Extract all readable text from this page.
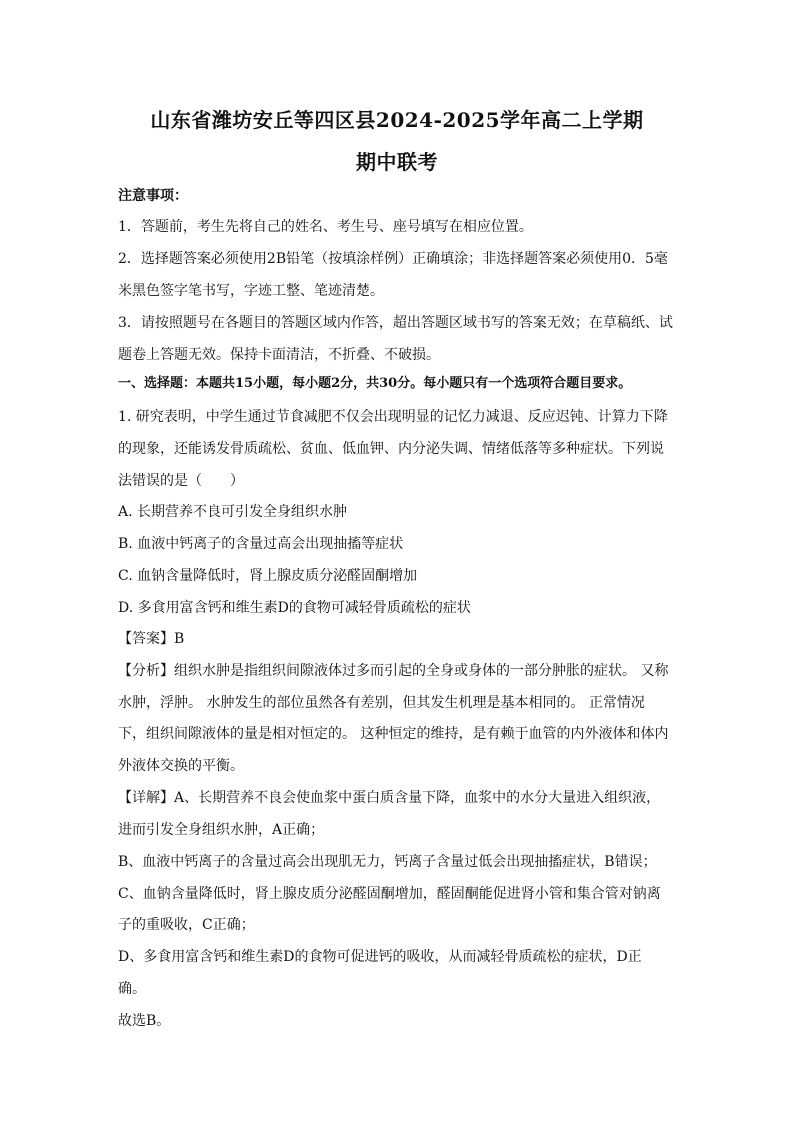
山东省潍坊安丘等四区县2024-2025学年高二上学期
期中联考
注意事项：
1．答题前，考生先将自己的姓名、考生号、座号填写在相应位置。
2．选择题答案必须使用2B铅笔（按填涂样例）正确填涂；非选择题答案必须使用0．5毫
米黑色签字笔书写，字迹工整、笔迹清楚。
3．请按照题号在各题目的答题区域内作答，超出答题区域书写的答案无效；在草稿纸、试
题卷上答题无效。保持卡面清洁，不折叠、不破损。
一、选择题：本题共15小题，每小题2分，共30分。每小题只有一个选项符合题目要求。
1. 研究表明，中学生通过节食减肥不仅会出现明显的记忆力减退、反应迟钝、计算力下降
的现象，还能诱发骨质疏松、贫血、低血钾、内分泌失调、情绪低落等多种症状。下列说
法错误的是（　　）
A. 长期营养不良可引发全身组织水肿
B. 血液中钙离子的含量过高会出现抽搐等症状
C. 血钠含量降低时，肾上腺皮质分泌醛固酮增加
D. 多食用富含钙和维生素D的食物可减轻骨质疏松的症状
【答案】B
【分析】组织水肿是指组织间隙液体过多而引起的全身或身体的一部分肿胀的症状。 又称
水肿，浮肿。 水肿发生的部位虽然各有差别，但其发生机理是基本相同的。 正常情况
下，组织间隙液体的量是相对恒定的。 这种恒定的维持，是有赖于血管的内外液体和体内
外液体交换的平衡。
【详解】A、长期营养不良会使血浆中蛋白质含量下降，血浆中的水分大量进入组织液，
进而引发全身组织水肿，A正确；
B、血液中钙离子的含量过高会出现肌无力，钙离子含量过低会出现抽搐症状，B错误；
C、血钠含量降低时，肾上腺皮质分泌醛固酮增加，醛固酮能促进肾小管和集合管对钠离
子的重吸收，C正确；
D、多食用富含钙和维生素D的食物可促进钙的吸收，从而减轻骨质疏松的症状，D正
确。
故选B。
